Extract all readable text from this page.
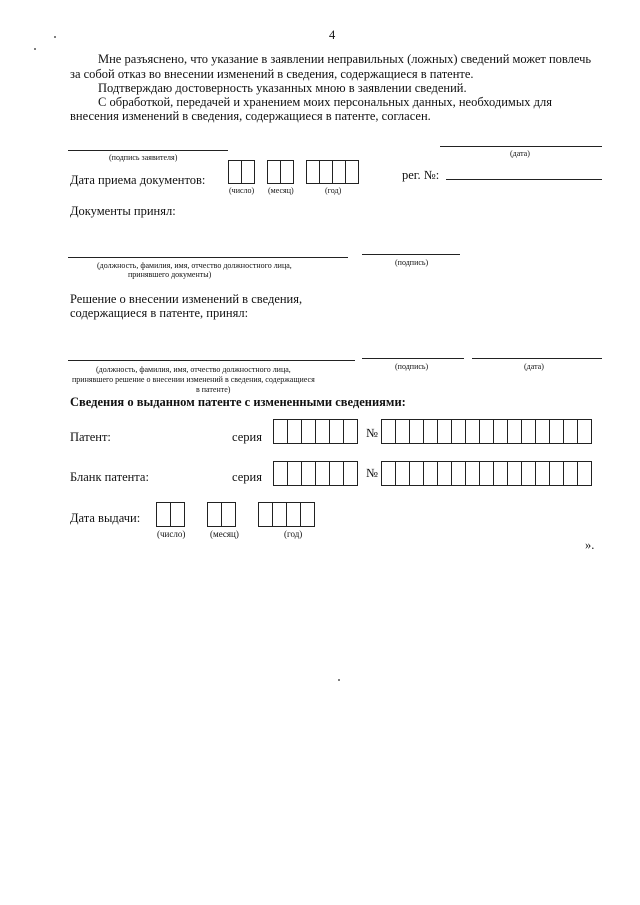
4
Мне разъяснено, что указание в заявлении неправильных (ложных) сведений может повлечь
за собой отказ во внесении изменений в сведения, содержащиеся в патенте.
Подтверждаю достоверность указанных мною в заявлении сведений.
С обработкой, передачей и хранением моих персональных данных, необходимых для
внесения изменений в сведения, содержащиеся в патенте, согласен.
(подпись заявителя)	(дата)
Дата приема документов:
(число) (месяц)	(год)
рег. №:
Документы принял:
(должность, фамилия, имя, отчество должностного лица,
принявшего документы)
(подпись)
Решение о внесении изменений в сведения,
содержащиеся в патенте, принял:
(должность, фамилия, имя, отчество должностного лица,
принявшего решение о внесении изменений в сведения, содержащиеся
в патенте)
(подпись)	(дата)
Сведения о выданном патенте с измененными сведениями:
Патент:	серия	№
Бланк патента:	серия	№
Дата выдачи:
(число)	(месяц)	(год)
».
